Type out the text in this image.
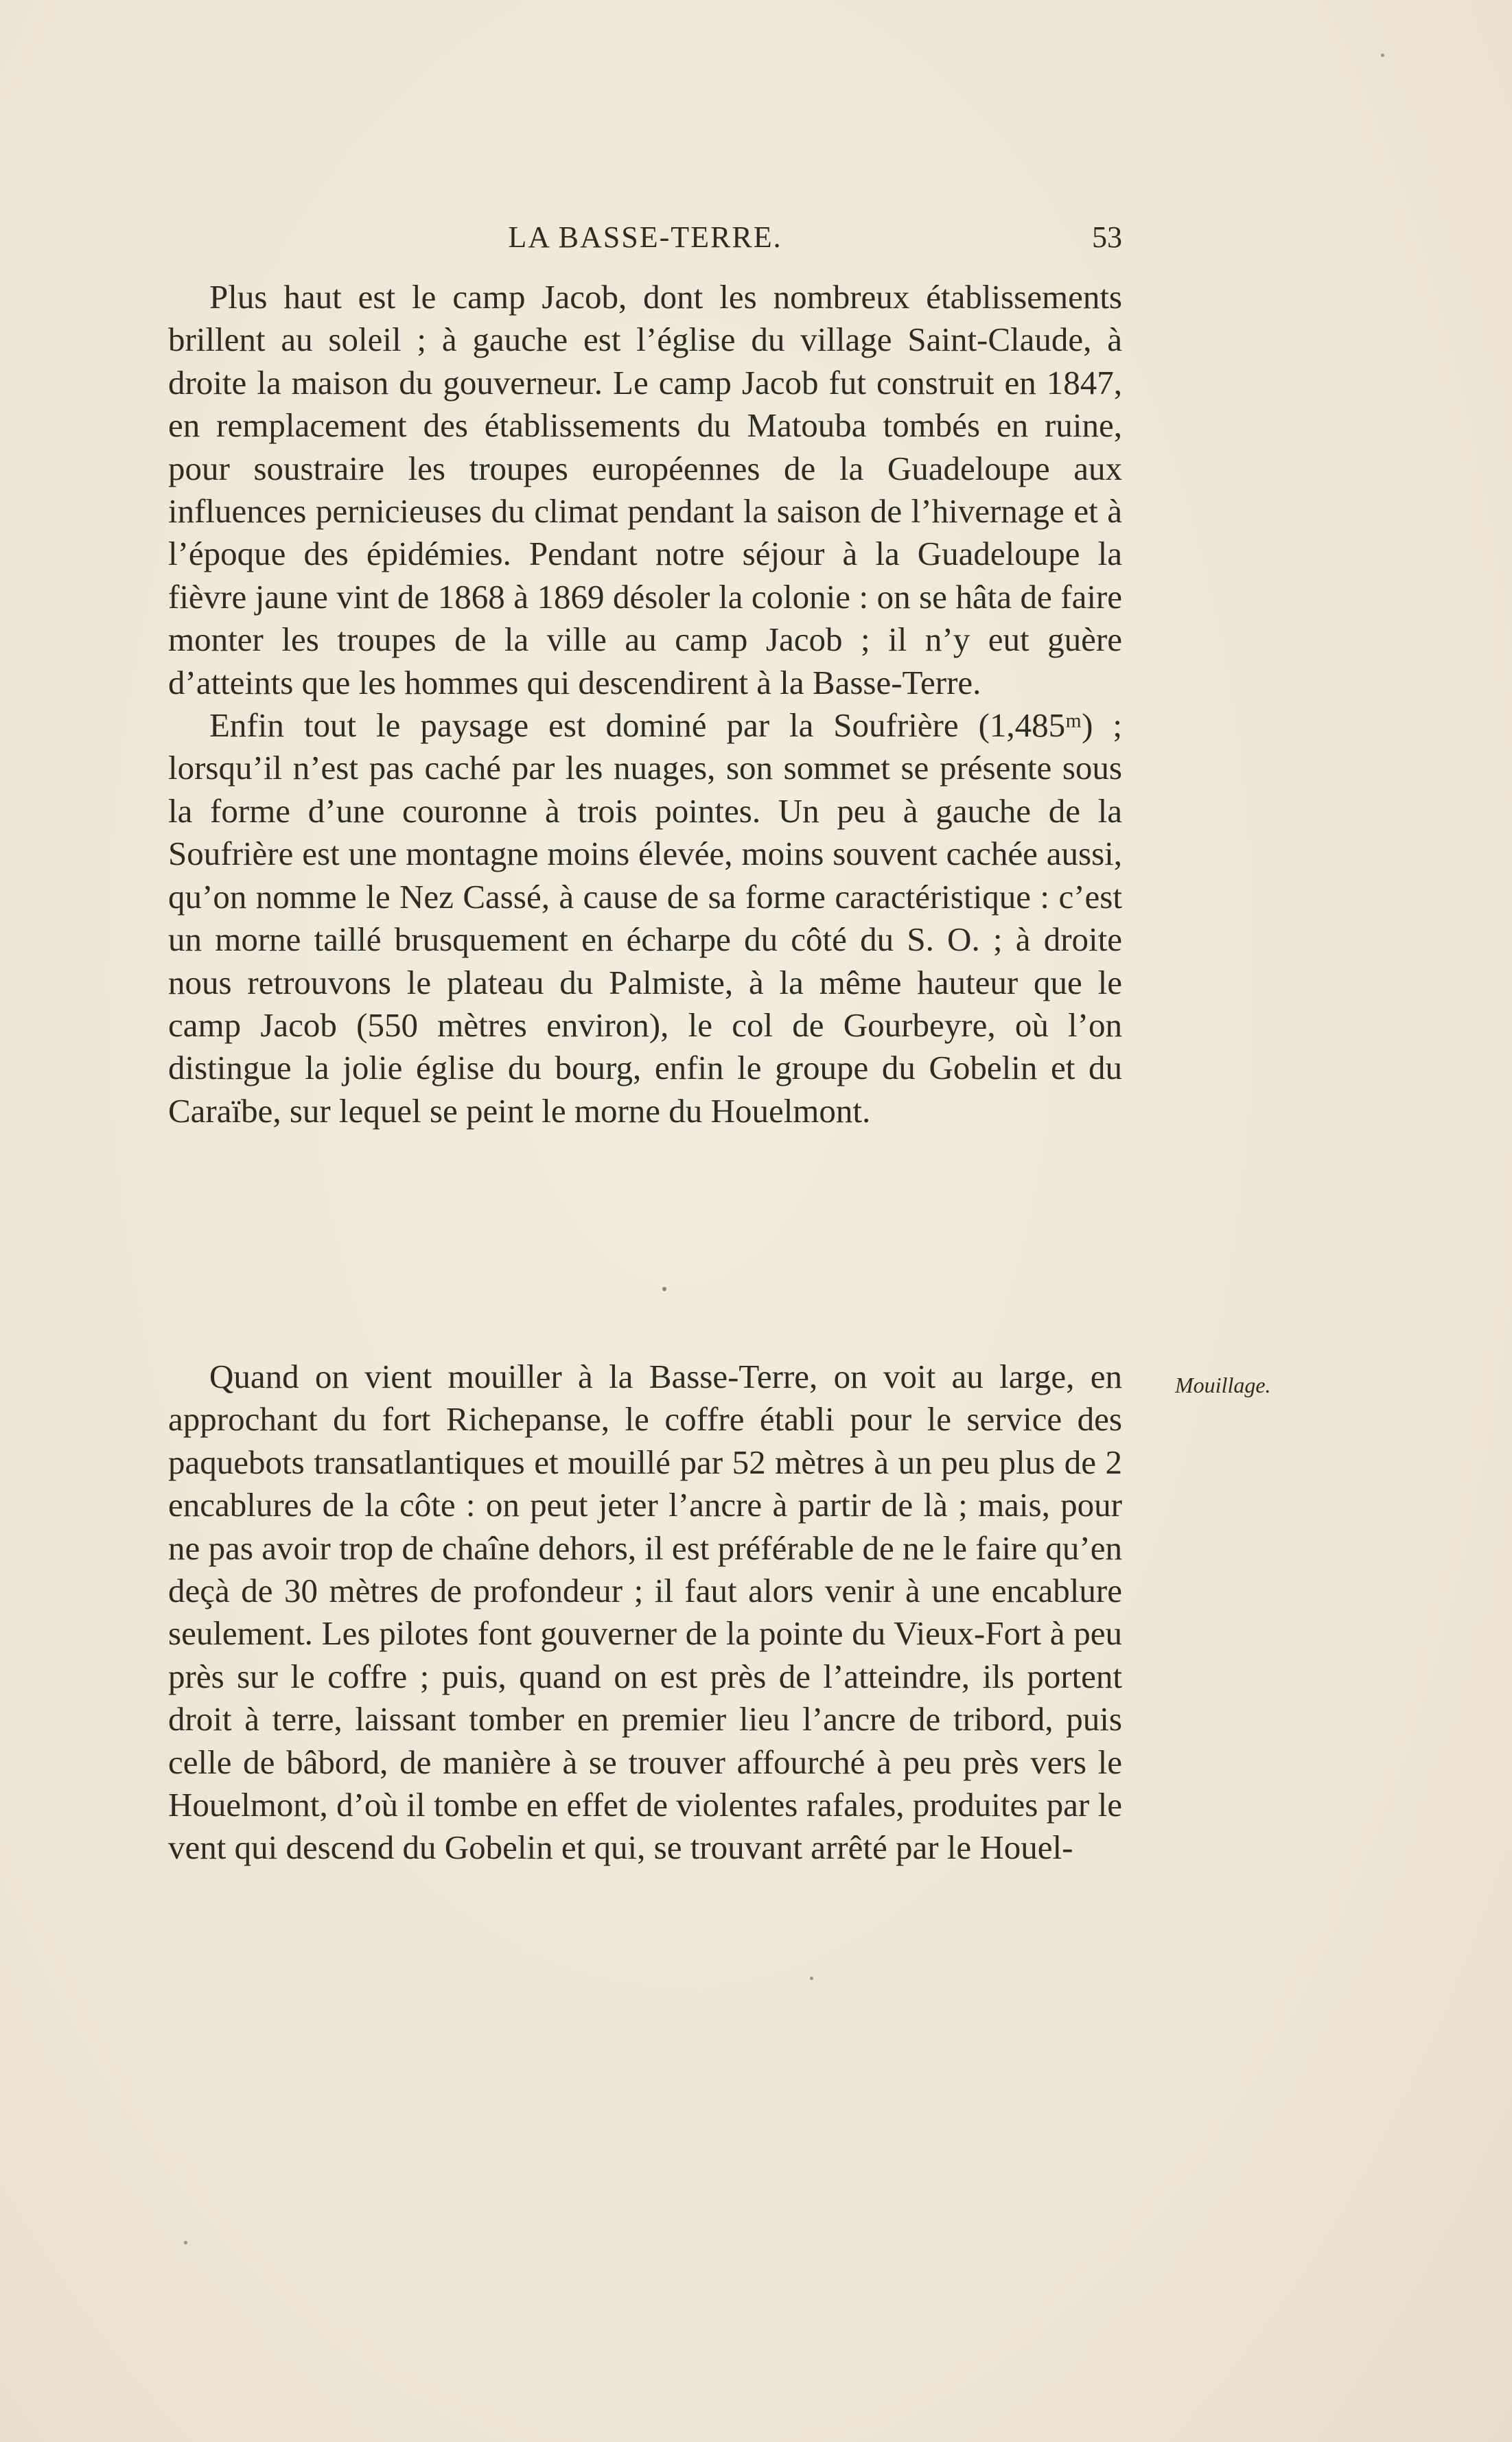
LA BASSE-TERRE.	53

Plus haut est le camp Jacob, dont les nombreux établissements brillent au soleil ; à gauche est l’église du village Saint-Claude, à droite la maison du gouverneur. Le camp Jacob fut construit en 1847, en remplacement des établissements du Matouba tombés en ruine, pour soustraire les troupes européennes de la Guadeloupe aux influences pernicieuses du climat pendant la saison de l’hivernage et à l’époque des épidémies. Pendant notre séjour à la Guadeloupe la fièvre jaune vint de 1868 à 1869 désoler la colonie : on se hâta de faire monter les troupes de la ville au camp Jacob ; il n’y eut guère d’atteints que les hommes qui descendirent à la Basse-Terre.

Enfin tout le paysage est dominé par la Soufrière (1,485ᵐ) ; lorsqu’il n’est pas caché par les nuages, son sommet se présente sous la forme d’une couronne à trois pointes. Un peu à gauche de la Soufrière est une montagne moins élevée, moins souvent cachée aussi, qu’on nomme le Nez Cassé, à cause de sa forme caractéristique : c’est un morne taillé brusquement en écharpe du côté du S. O. ; à droite nous retrouvons le plateau du Palmiste, à la même hauteur que le camp Jacob (550 mètres environ), le col de Gourbeyre, où l’on distingue la jolie église du bourg, enfin le groupe du Gobelin et du Caraïbe, sur lequel se peint le morne du Houelmont.

Quand on vient mouiller à la Basse-Terre, on voit au large, en approchant du fort Richepanse, le coffre établi pour le service des paquebots transatlantiques et mouillé par 52 mètres à un peu plus de 2 encablures de la côte : on peut jeter l’ancre à partir de là ; mais, pour ne pas avoir trop de chaîne dehors, il est préférable de ne le faire qu’en deçà de 30 mètres de profondeur ; il faut alors venir à une encablure seulement. Les pilotes font gouverner de la pointe du Vieux-Fort à peu près sur le coffre ; puis, quand on est près de l’atteindre, ils portent droit à terre, laissant tomber en premier lieu l’ancre de tribord, puis celle de bâbord, de manière à se trouver affourché à peu près vers le Houelmont, d’où il tombe en effet de violentes rafales, produites par le vent qui descend du Gobelin et qui, se trouvant arrêté par le Houel-

Mouillage.
